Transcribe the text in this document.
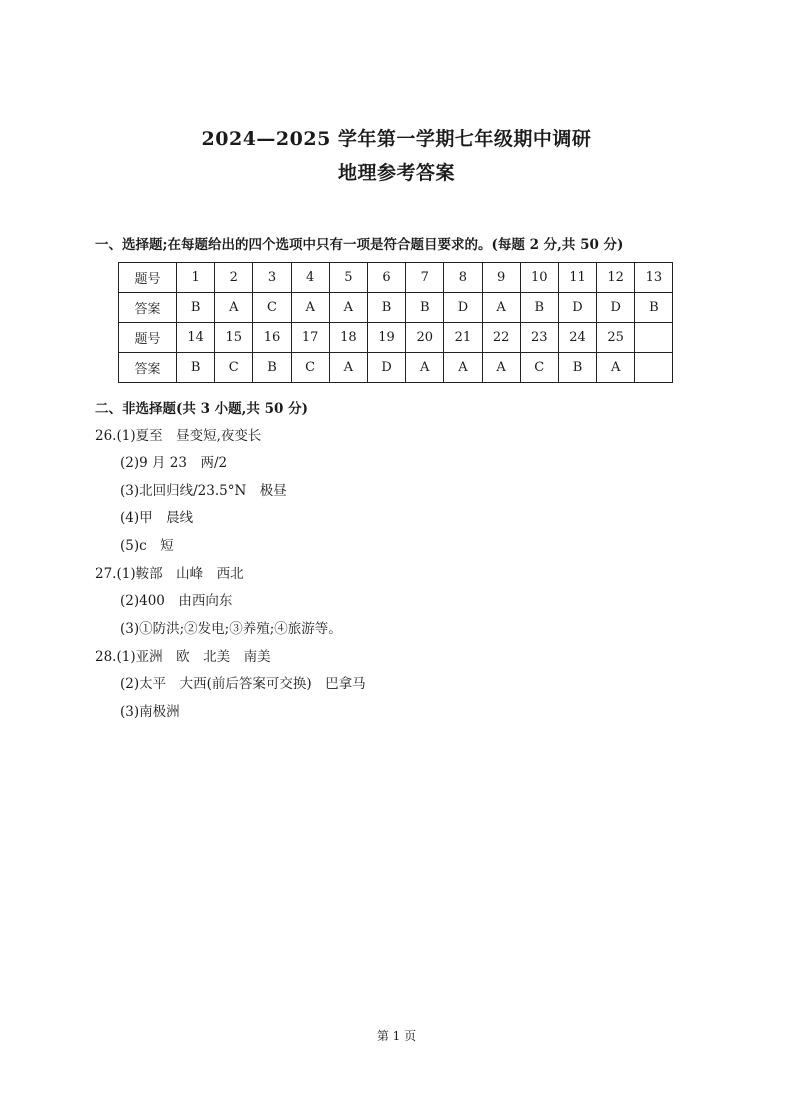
2024—2025 学年第一学期七年级期中调研
地理参考答案
一、选择题;在每题给出的四个选项中只有一项是符合题目要求的。(每题 2 分,共 50 分)
题号	1	2	3	4	5	6	7	8	9	10	11	12	13
答案	B	A	C	A	A	B	B	D	A	B	D	D	B
题号	14	15	16	17	18	19	20	21	22	23	24	25	
答案	B	C	B	C	A	D	A	A	A	C	B	A	
二、非选择题(共 3 小题,共 50 分)
26.(1)夏至　昼变短,夜变长
(2)9 月 23　两/2
(3)北回归线/23.5°N　极昼
(4)甲　晨线
(5)c　短
27.(1)鞍部　山峰　西北
(2)400　由西向东
(3)①防洪;②发电;③养殖;④旅游等。
28.(1)亚洲　欧　北美　南美
(2)太平　大西(前后答案可交换)　巴拿马
(3)南极洲
第 1 页
